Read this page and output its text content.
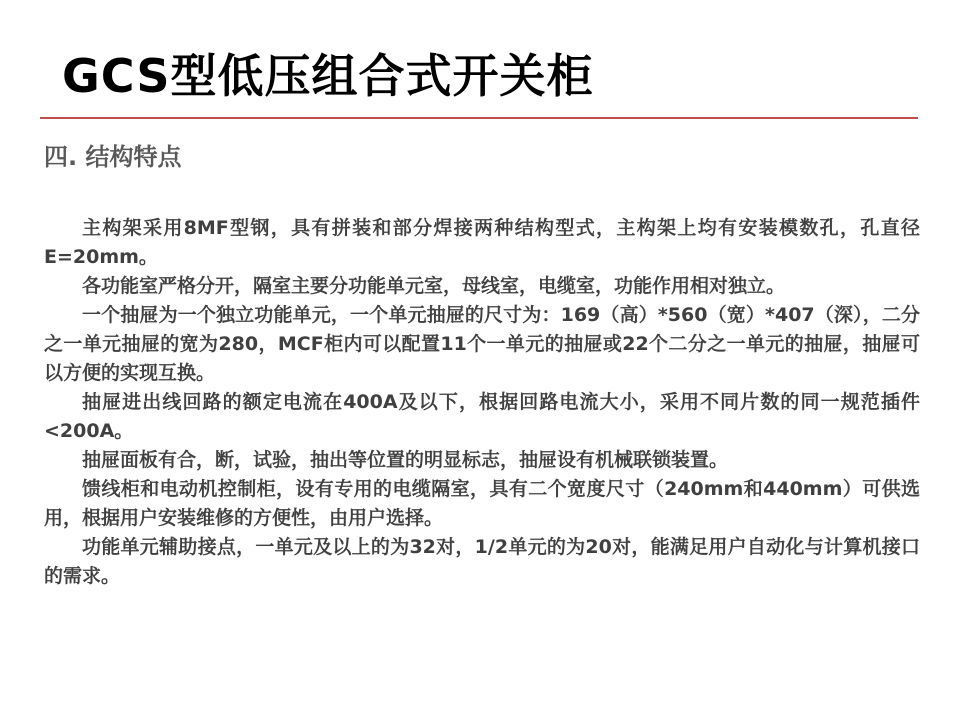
GCS型低压组合式开关柜
四. 结构特点

主构架采用8MF型钢，具有拼装和部分焊接两种结构型式，主构架上均有安装模数孔，孔直径E=20mm。

各功能室严格分开，隔室主要分功能单元室，母线室，电缆室，功能作用相对独立。

一个抽屉为一个独立功能单元，一个单元抽屉的尺寸为：169（高）*560（宽）*407（深），二分之一单元抽屉的宽为280，MCF柜内可以配置11个一单元的抽屉或22个二分之一单元的抽屉，抽屉可以方便的实现互换。

抽屉进出线回路的额定电流在400A及以下，根据回路电流大小，采用不同片数的同一规范插件<200A。

抽屉面板有合，断，试验，抽出等位置的明显标志，抽屉设有机械联锁装置。

馈线柜和电动机控制柜，设有专用的电缆隔室，具有二个宽度尺寸（240mm和440mm）可供选用，根据用户安装维修的方便性，由用户选择。

功能单元辅助接点，一单元及以上的为32对，1/2单元的为20对，能满足用户自动化与计算机接口的需求。
